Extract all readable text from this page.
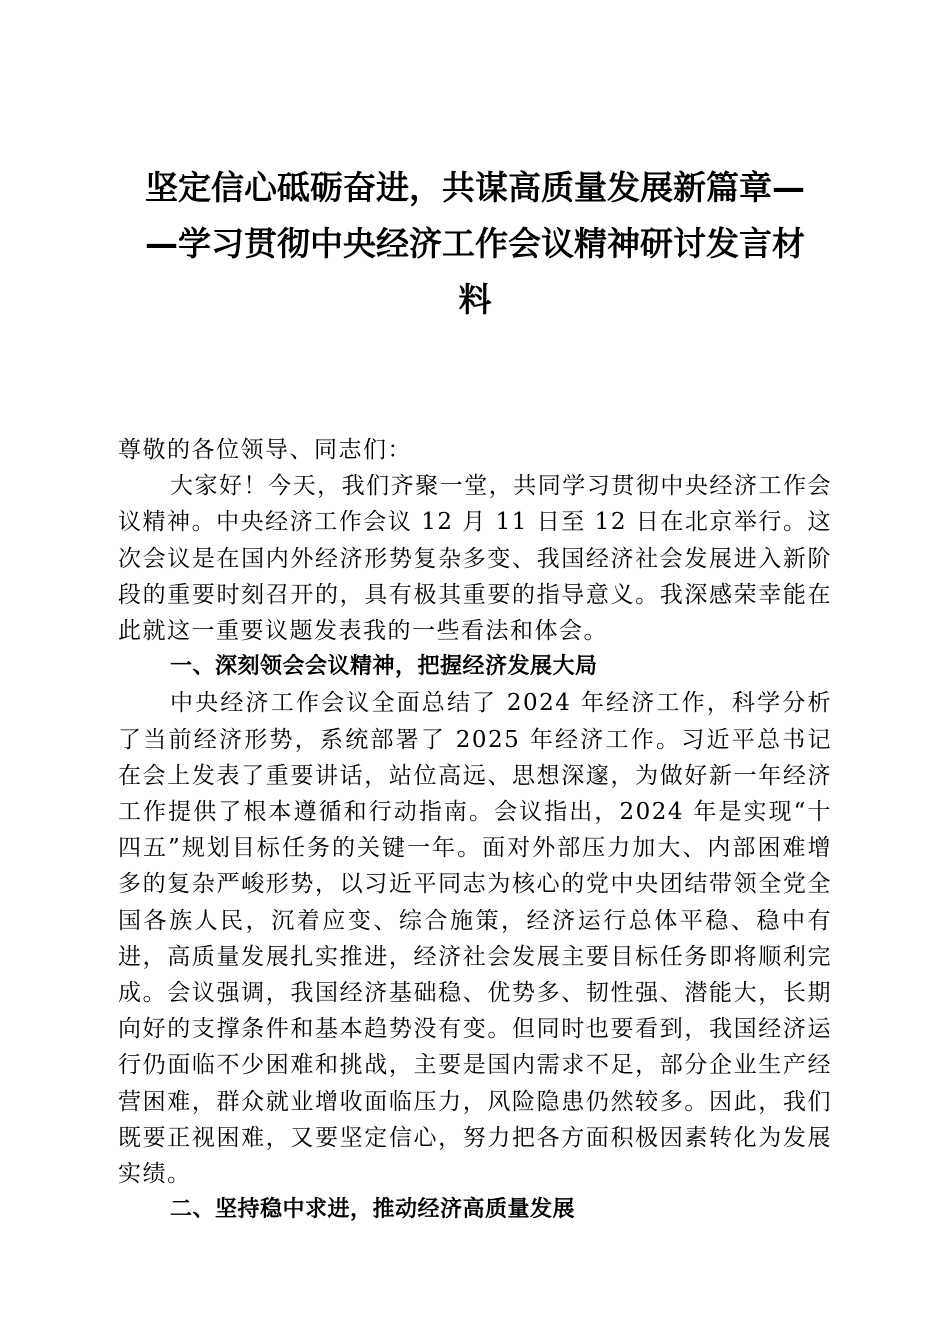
坚定信心砥砺奋进，共谋高质量发展新篇章—
—学习贯彻中央经济工作会议精神研讨发言材
料

尊敬的各位领导、同志们：

大家好！今天，我们齐聚一堂，共同学习贯彻中央经济工作会议精神。中央经济工作会议 12 月 11 日至 12 日在北京举行。这次会议是在国内外经济形势复杂多变、我国经济社会发展进入新阶段的重要时刻召开的，具有极其重要的指导意义。我深感荣幸能在此就这一重要议题发表我的一些看法和体会。

一、深刻领会会议精神，把握经济发展大局

中央经济工作会议全面总结了 2024 年经济工作，科学分析了当前经济形势，系统部署了 2025 年经济工作。习近平总书记在会上发表了重要讲话，站位高远、思想深邃，为做好新一年经济工作提供了根本遵循和行动指南。会议指出，2024 年是实现“十四五”规划目标任务的关键一年。面对外部压力加大、内部困难增多的复杂严峻形势，以习近平同志为核心的党中央团结带领全党全国各族人民，沉着应变、综合施策，经济运行总体平稳、稳中有进，高质量发展扎实推进，经济社会发展主要目标任务即将顺利完成。会议强调，我国经济基础稳、优势多、韧性强、潜能大，长期向好的支撑条件和基本趋势没有变。但同时也要看到，我国经济运行仍面临不少困难和挑战，主要是国内需求不足，部分企业生产经营困难，群众就业增收面临压力，风险隐患仍然较多。因此，我们既要正视困难，又要坚定信心，努力把各方面积极因素转化为发展实绩。

二、坚持稳中求进，推动经济高质量发展
